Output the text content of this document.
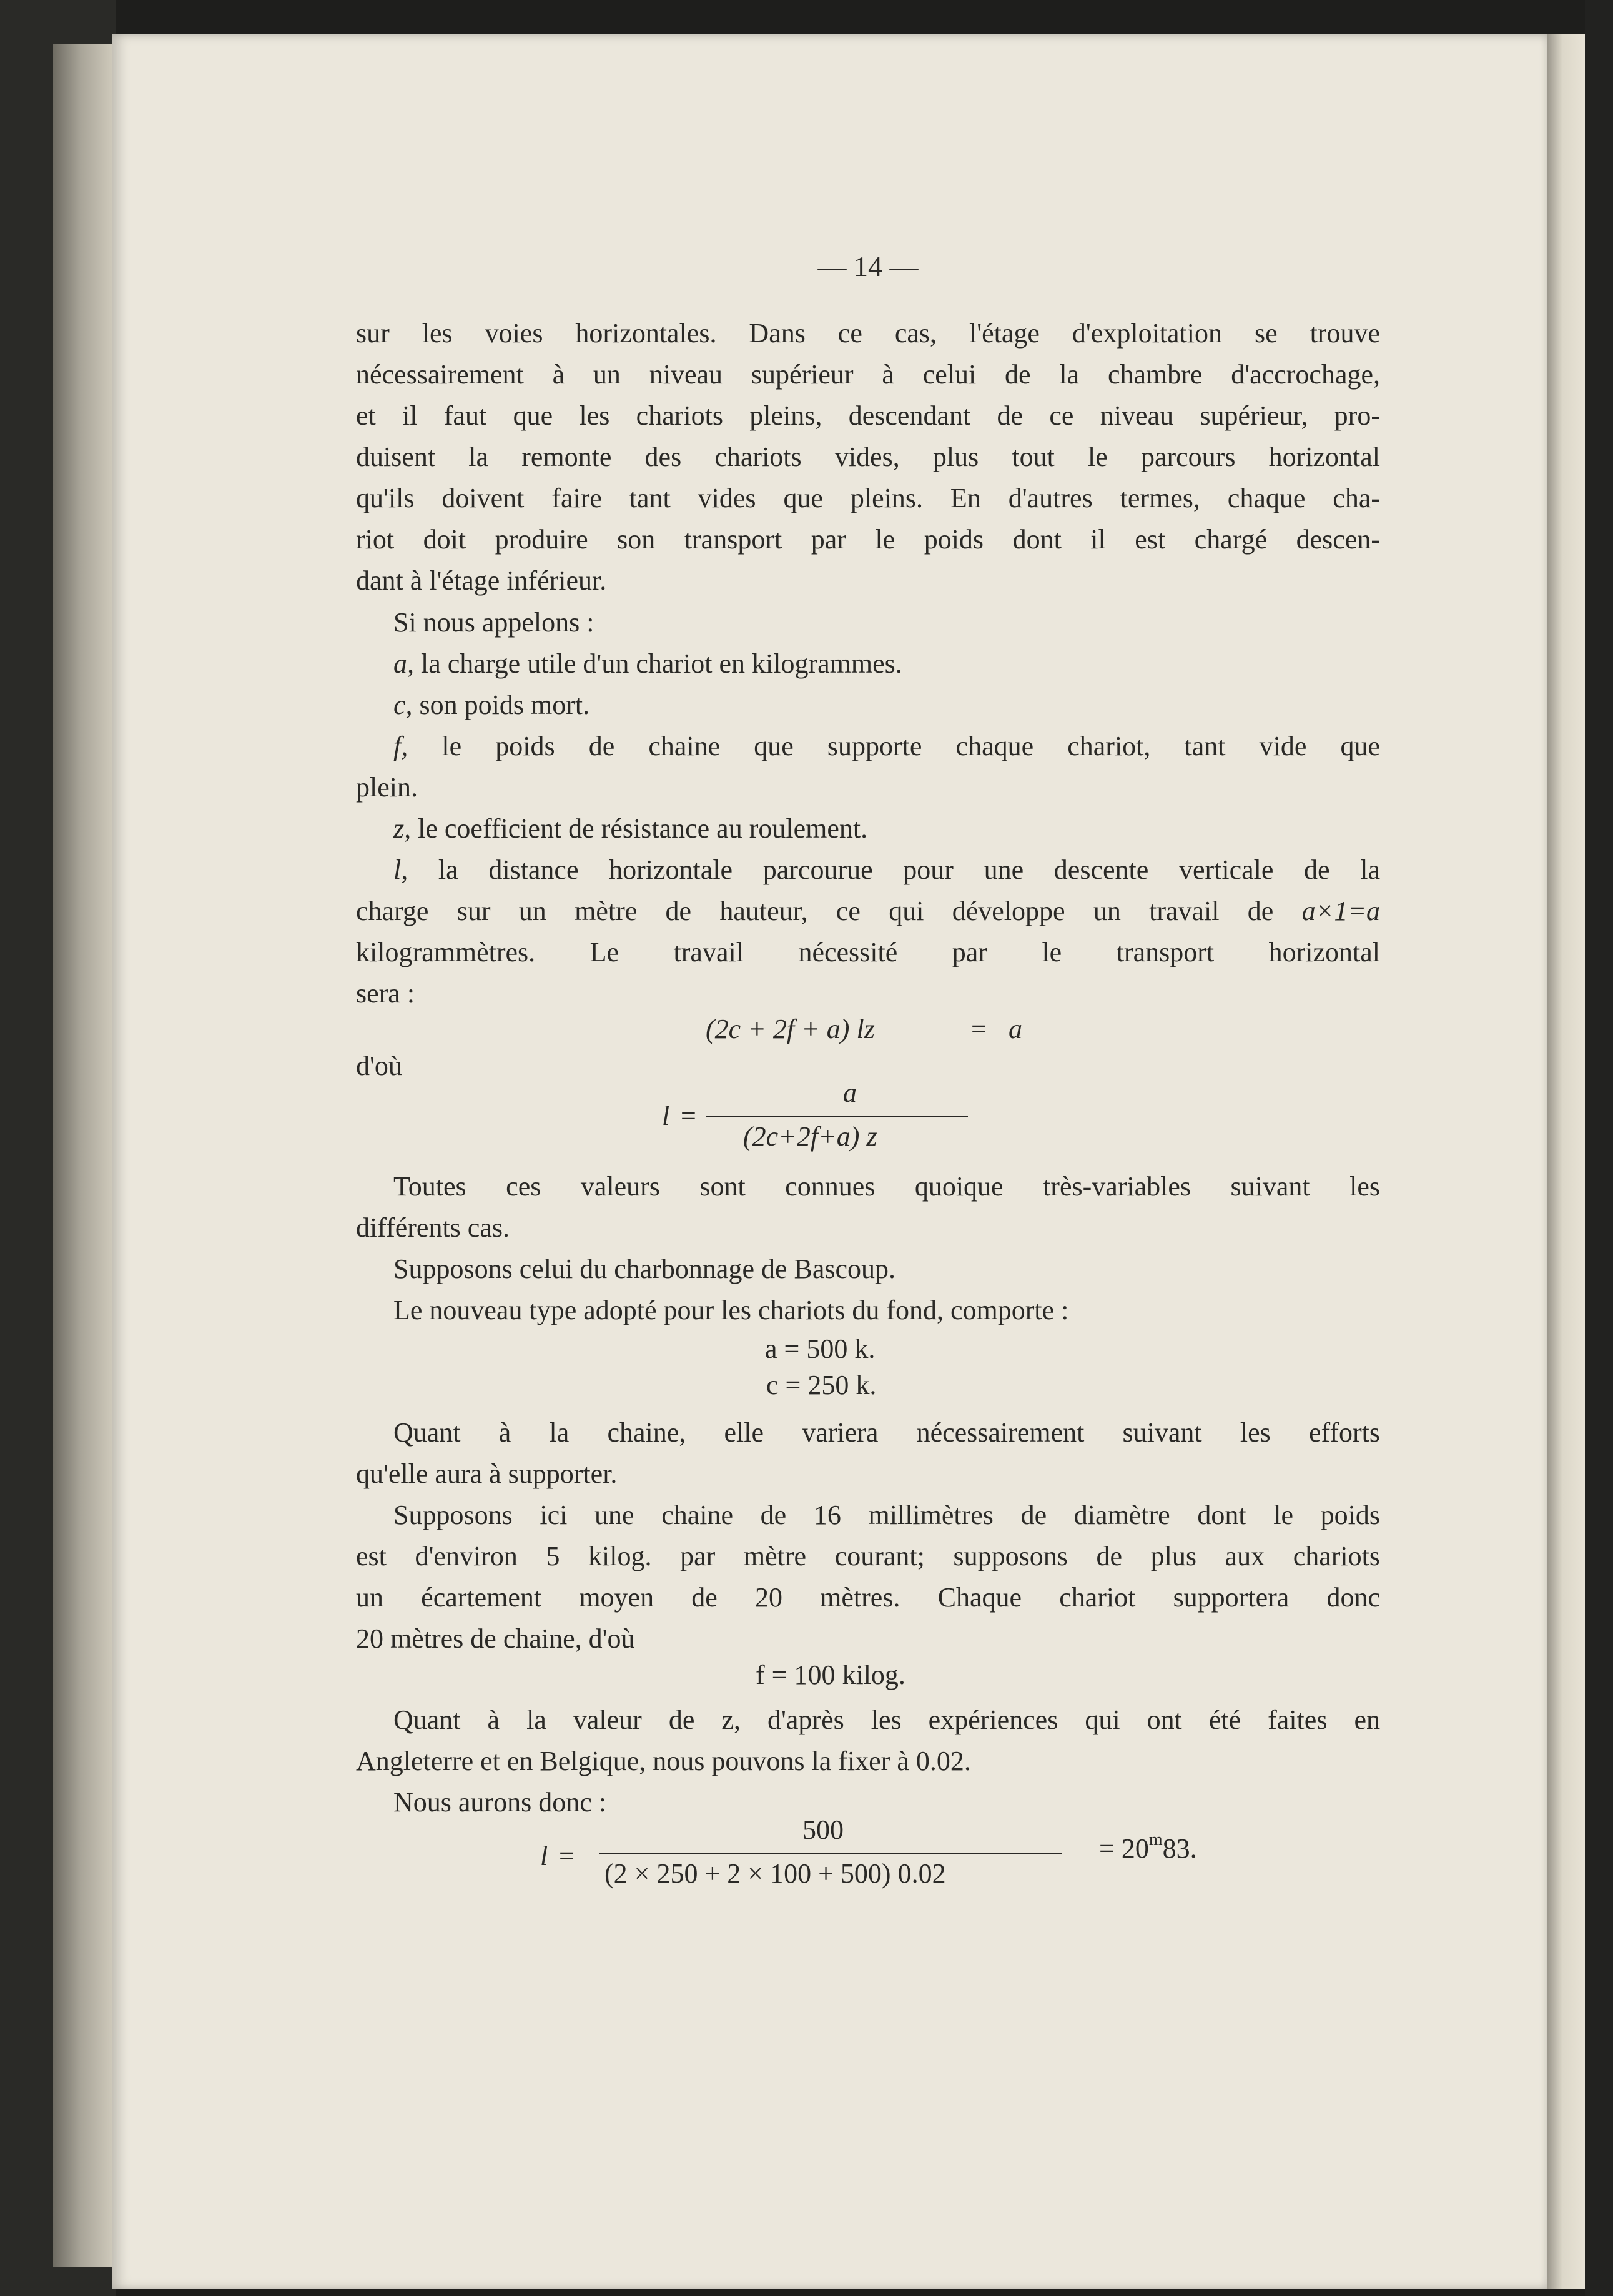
— 14 —
sur les voies horizontales. Dans ce cas, l'étage d'exploitation se trouve
nécessairement à un niveau supérieur à celui de la chambre d'accrochage,
et il faut que les chariots pleins, descendant de ce niveau supérieur, pro-
duisent la remonte des chariots vides, plus tout le parcours horizontal
qu'ils doivent faire tant vides que pleins. En d'autres termes, chaque cha-
riot doit produire son transport par le poids dont il est chargé descen-
dant à l'étage inférieur.
Si nous appelons :
a, la charge utile d'un chariot en kilogrammes.
c, son poids mort.
f, le poids de chaine que supporte chaque chariot, tant vide que
plein.
z, le coefficient de résistance au roulement.
l, la distance horizontale parcourue pour une descente verticale de la
charge sur un mètre de hauteur, ce qui développe un travail de a×1=a
kilogrammètres. Le travail nécessité par le transport horizontal
sera :
(2c + 2f + a) lz	= a
d'où
l =
a
(2c+2f+a) z
Toutes ces valeurs sont connues quoique très-variables suivant les
différents cas.
Supposons celui du charbonnage de Bascoup.
Le nouveau type adopté pour les chariots du fond, comporte :
a = 500 k.
c = 250 k.
Quant à la chaine, elle variera nécessairement suivant les efforts
qu'elle aura à supporter.
Supposons ici une chaine de 16 millimètres de diamètre dont le poids
est d'environ 5 kilog. par mètre courant; supposons de plus aux chariots
un écartement moyen de 20 mètres. Chaque chariot supportera donc
20 mètres de chaine, d'où
f = 100 kilog.
Quant à la valeur de z, d'après les expériences qui ont été faites en
Angleterre et en Belgique, nous pouvons la fixer à 0.02.
Nous aurons donc :
l =
500
(2 × 250 + 2 × 100 + 500) 0.02
= $20^m83$.
